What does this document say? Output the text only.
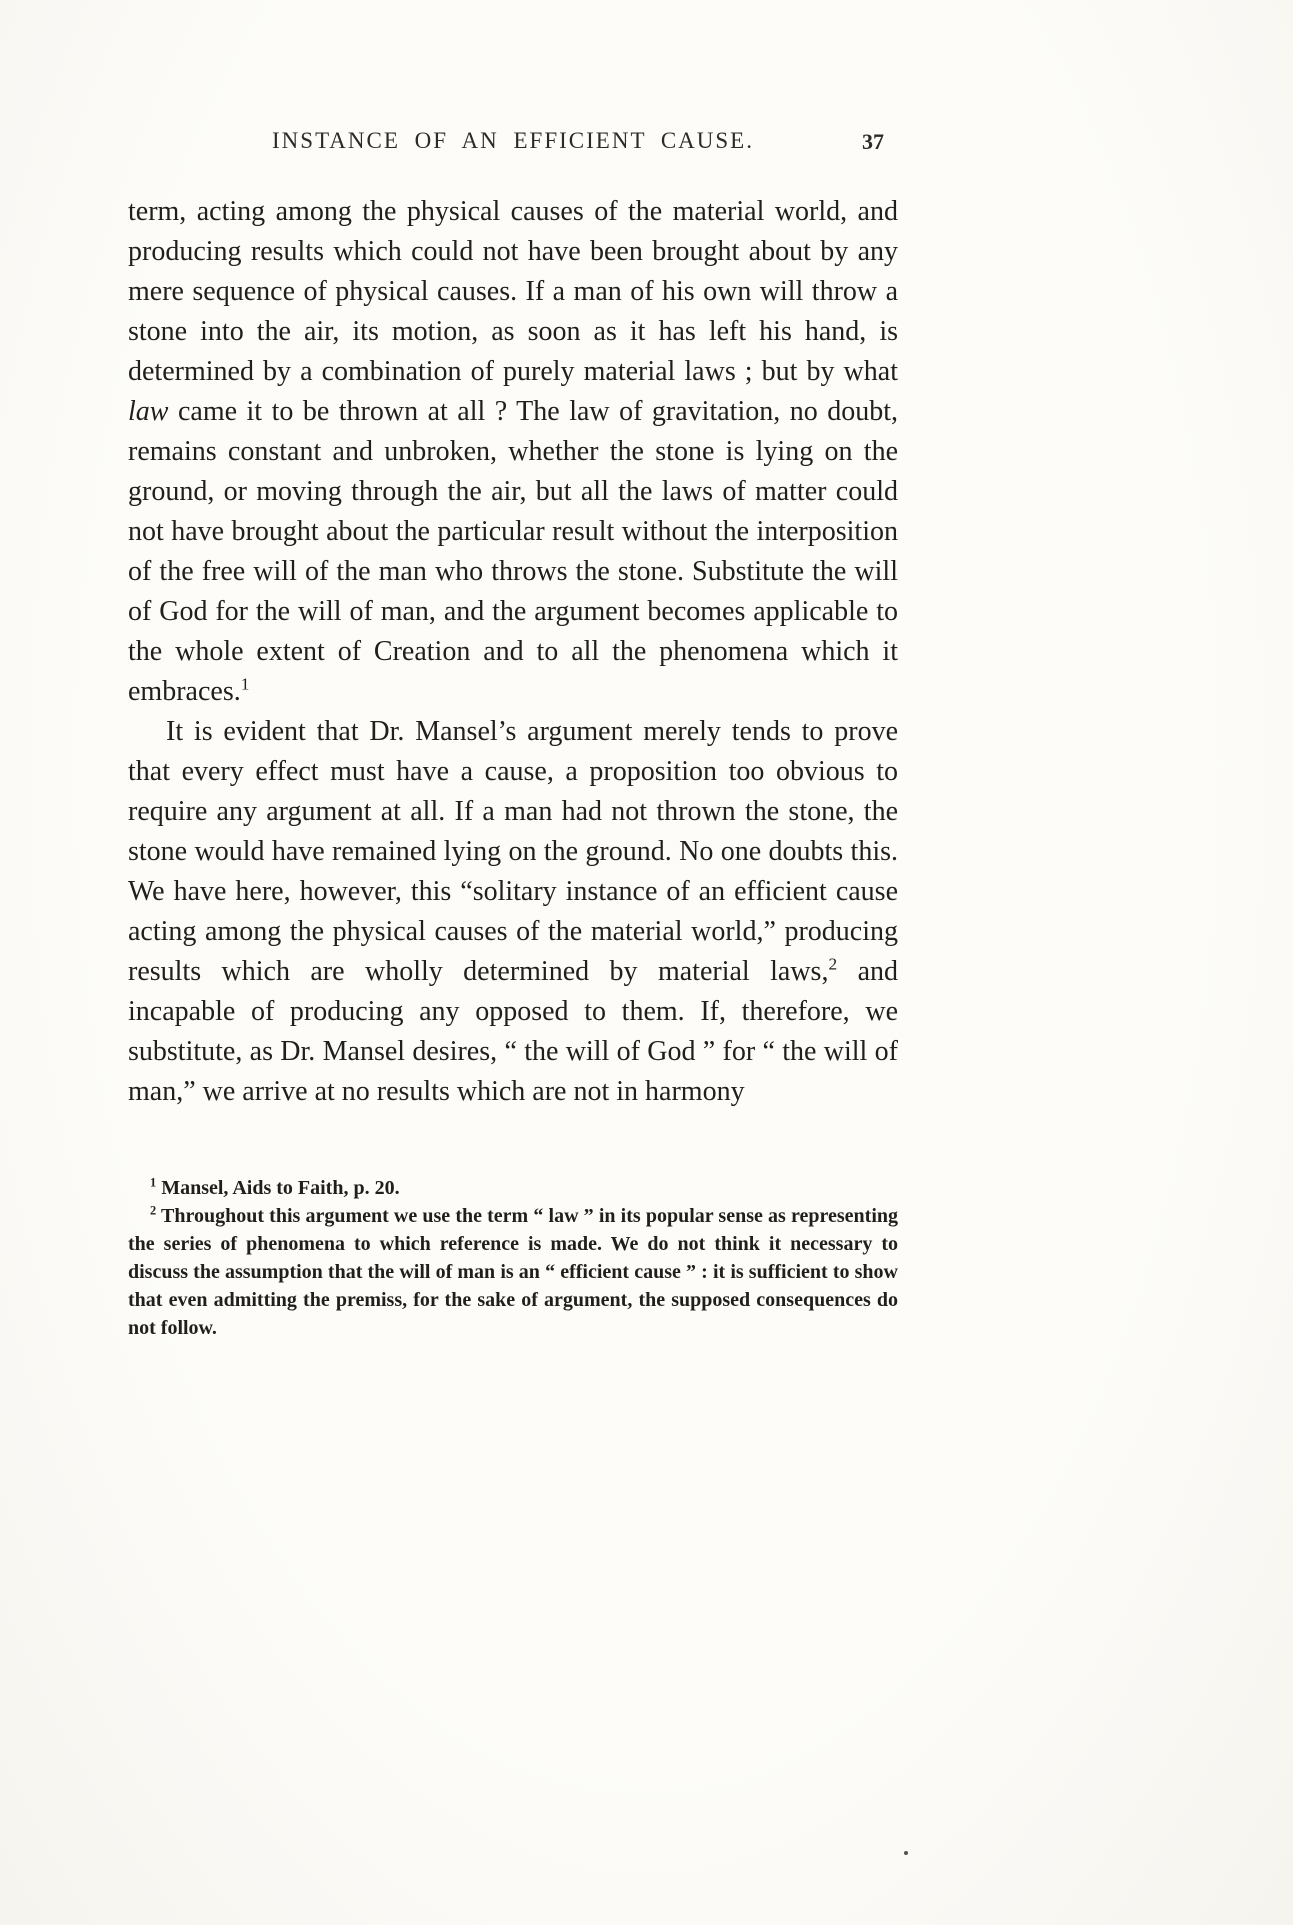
INSTANCE OF AN EFFICIENT CAUSE.	37

term, acting among the physical causes of the material world, and producing results which could not have been brought about by any mere sequence of physical causes. If a man of his own will throw a stone into the air, its motion, as soon as it has left his hand, is determined by a combination of purely material laws ; but by what law came it to be thrown at all ? The law of gravitation, no doubt, remains constant and unbroken, whether the stone is lying on the ground, or moving through the air, but all the laws of matter could not have brought about the particular result without the interposition of the free will of the man who throws the stone. Substitute the will of God for the will of man, and the argument becomes applicable to the whole extent of Creation and to all the phenomena which it embraces.$^1$

It is evident that Dr. Mansel’s argument merely tends to prove that every effect must have a cause, a proposition too obvious to require any argument at all. If a man had not thrown the stone, the stone would have remained lying on the ground. No one doubts this. We have here, however, this “solitary instance of an efficient cause acting among the physical causes of the material world,” producing results which are wholly determined by material laws,$^2$ and incapable of producing any opposed to them. If, therefore, we substitute, as Dr. Mansel desires, “ the will of God ” for “ the will of man,” we arrive at no results which are not in harmony

$^1$ Mansel, Aids to Faith, p. 20.

$^2$ Throughout this argument we use the term “ law ” in its popular sense as representing the series of phenomena to which reference is made. We do not think it necessary to discuss the assumption that the will of man is an “ efficient cause ” : it is sufficient to show that even admitting the premiss, for the sake of argument, the supposed consequences do not follow.
